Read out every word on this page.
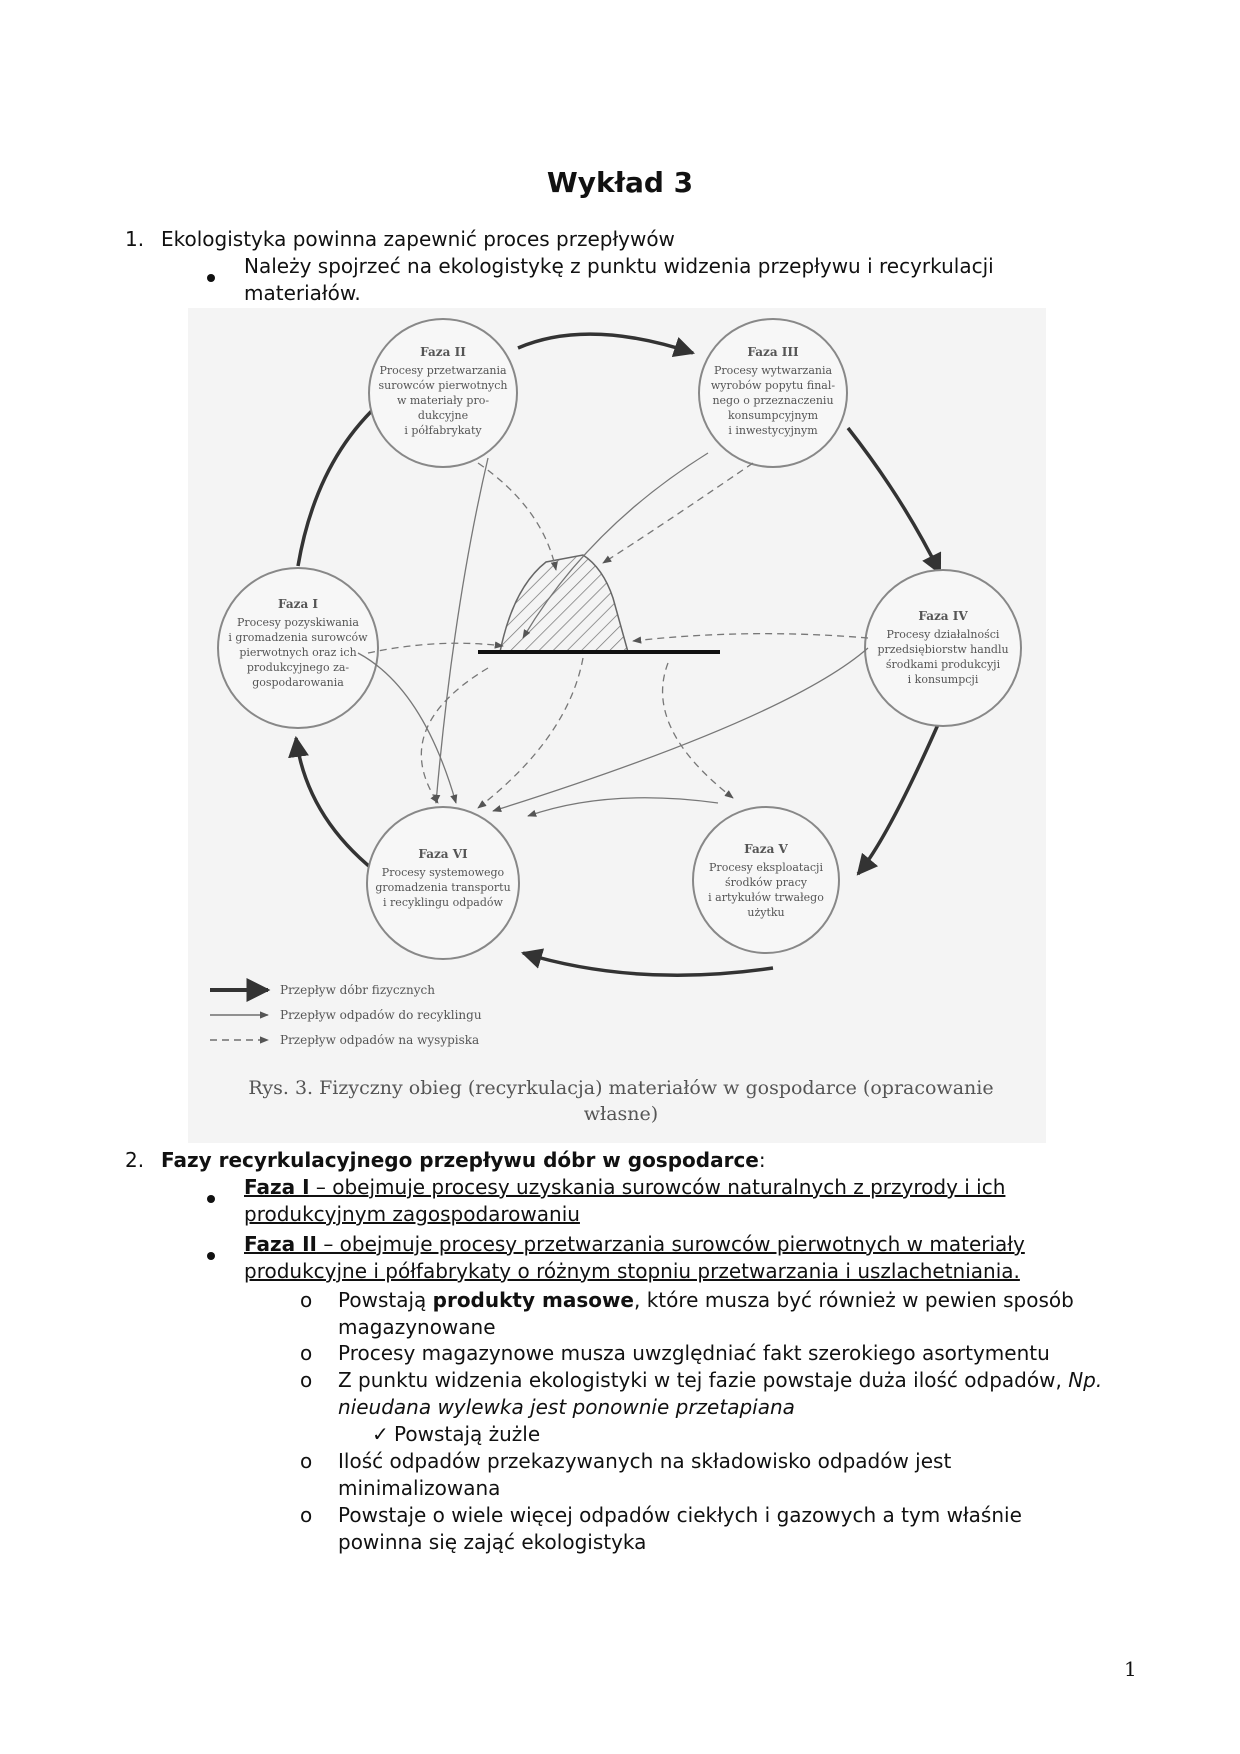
Wykład 3
1. Ekologistyka powinna zapewnić proces przepływów
Należy spojrzeć na ekologistykę z punktu widzenia przepływu i recyrkulacji
materiałów.
Faza II
Procesy przetwarzania
surowców pierwotnych
w materiały pro-
dukcyjne
i półfabrykaty
Faza III
Procesy wytwarzania
wyrobów popytu final-
nego o przeznaczeniu
konsumpcyjnym
i inwestycyjnym
Faza I
Procesy pozyskiwania
i gromadzenia surowców
pierwotnych oraz ich
produkcyjnego za-
gospodarowania
Faza IV
Procesy działalności
przedsiębiorstw handlu
środkami produkcyji
i konsumpcji
Faza VI
Procesy systemowego
gromadzenia transportu
i recyklingu odpadów
Faza V
Procesy eksploatacji
środków pracy
i artykułów trwałego
użytku
Przepływ dóbr fizycznych
Przepływ odpadów do recyklingu
Przepływ odpadów na wysypiska
Rys. 3. Fizyczny obieg (recyrkulacja) materiałów w gospodarce (opracowanie
własne)
2. Fazy recyrkulacyjnego przepływu dóbr w gospodarce:
Faza I – obejmuje procesy uzyskania surowców naturalnych z przyrody i ich
produkcyjnym zagospodarowaniu
Faza II – obejmuje procesy przetwarzania surowców pierwotnych w materiały
produkcyjne i półfabrykaty o różnym stopniu przetwarzania i uszlachetniania.
o Powstają produkty masowe, które musza być również w pewien sposób
magazynowane
o Procesy magazynowe musza uwzględniać fakt szerokiego asortymentu
o Z punktu widzenia ekologistyki w tej fazie powstaje duża ilość odpadów, Np.
nieudana wylewka jest ponownie przetapiana
✓ Powstają żużle
o Ilość odpadów przekazywanych na składowisko odpadów jest
minimalizowana
o Powstaje o wiele więcej odpadów ciekłych i gazowych a tym właśnie
powinna się zająć ekologistyka
1
